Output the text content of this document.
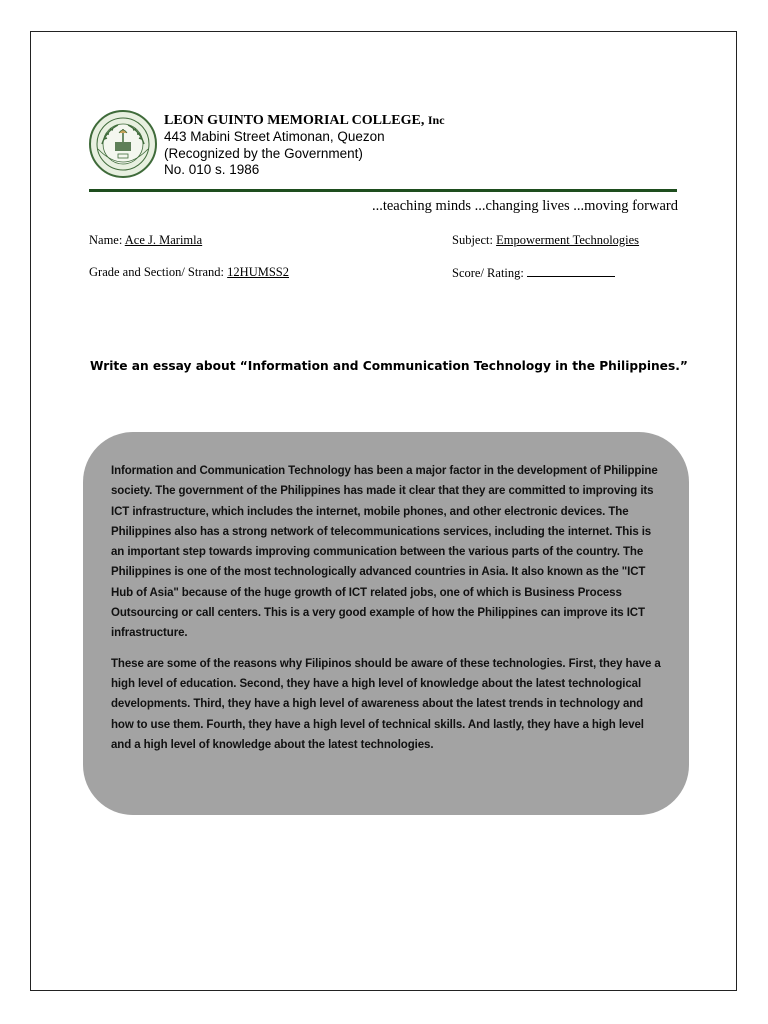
LEON GUINTO MEMORIAL COLLEGE, Inc
443 Mabini Street Atimonan, Quezon
(Recognized by the Government)
No. 010 s. 1986
...teaching minds ...changing lives ...moving forward
Name: Ace J. Marimla	Subject: Empowerment Technologies
Grade and Section/ Strand: 12HUMSS2	Score/ Rating:
Write an essay about “Information and Communication Technology in the Philippines.”

Information and Communication Technology has been a major factor in the development of Philippine society. The government of the Philippines has made it clear that they are committed to improving its ICT infrastructure, which includes the internet, mobile phones, and other electronic devices. The Philippines also has a strong network of telecommunications services, including the internet. This is an important step towards improving communication between the various parts of the country. The Philippines is one of the most technologically advanced countries in Asia. It also known as the "ICT Hub of Asia" because of the huge growth of ICT related jobs, one of which is Business Process Outsourcing or call centers. This is a very good example of how the Philippines can improve its ICT infrastructure.

These are some of the reasons why Filipinos should be aware of these technologies. First, they have a high level of education. Second, they have a high level of knowledge about the latest technological developments. Third, they have a high level of awareness about the latest trends in technology and how to use them. Fourth, they have a high level of technical skills. And lastly, they have a high level and a high level of knowledge about the latest technologies.
